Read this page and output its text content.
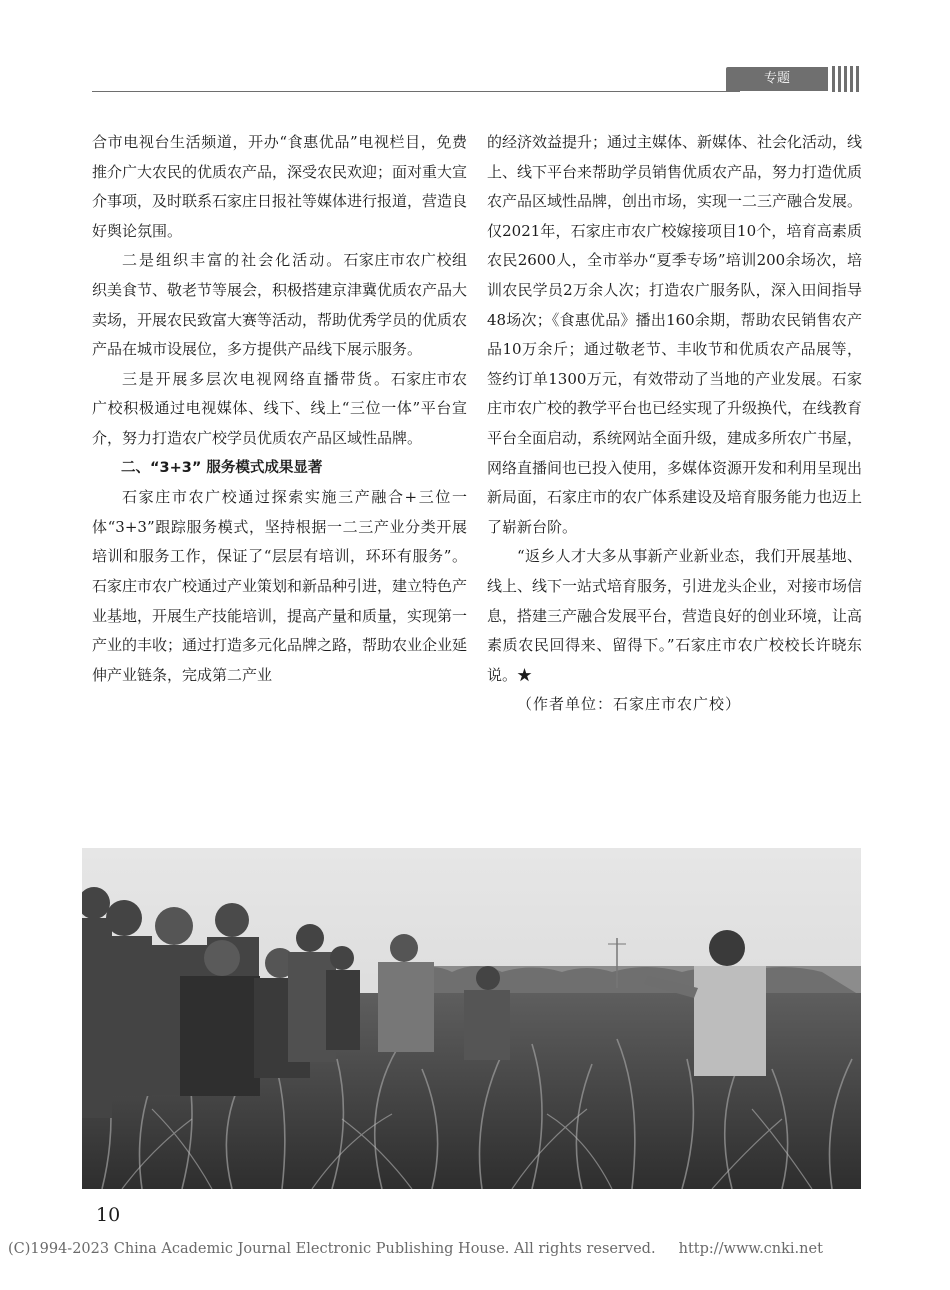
专题

合市电视台生活频道，开办“食惠优品”电视栏目，免费推介广大农民的优质农产品，深受农民欢迎；面对重大宣介事项，及时联系石家庄日报社等媒体进行报道，营造良好舆论氛围。

二是组织丰富的社会化活动。石家庄市农广校组织美食节、敬老节等展会，积极搭建京津冀优质农产品大卖场，开展农民致富大赛等活动，帮助优秀学员的优质农产品在城市设展位，多方提供产品线下展示服务。

三是开展多层次电视网络直播带货。石家庄市农广校积极通过电视媒体、线下、线上“三位一体”平台宣介，努力打造农广校学员优质农产品区域性品牌。

二、“3+3” 服务模式成果显著

石家庄市农广校通过探索实施三产融合+三位一体“3+3”跟踪服务模式，坚持根据一二三产业分类开展培训和服务工作，保证了“层层有培训，环环有服务”。石家庄市农广校通过产业策划和新品种引进，建立特色产业基地，开展生产技能培训，提高产量和质量，实现第一产业的丰收；通过打造多元化品牌之路，帮助农业企业延伸产业链条，完成第二产业

的经济效益提升；通过主媒体、新媒体、社会化活动，线上、线下平台来帮助学员销售优质农产品，努力打造优质农产品区域性品牌，创出市场，实现一二三产融合发展。仅2021年，石家庄市农广校嫁接项目10个，培育高素质农民2600人，全市举办“夏季专场”培训200余场次，培训农民学员2万余人次；打造农广服务队，深入田间指导48场次；《食惠优品》播出160余期，帮助农民销售农产品10万余斤；通过敬老节、丰收节和优质农产品展等，签约订单1300万元，有效带动了当地的产业发展。石家庄市农广校的教学平台也已经实现了升级换代，在线教育平台全面启动，系统网站全面升级，建成多所农广书屋，网络直播间也已投入使用，多媒体资源开发和利用呈现出新局面，石家庄市的农广体系建设及培育服务能力也迈上了崭新台阶。

“返乡人才大多从事新产业新业态，我们开展基地、线上、线下一站式培育服务，引进龙头企业，对接市场信息，搭建三产融合发展平台，营造良好的创业环境，让高素质农民回得来、留得下。”石家庄市农广校校长许晓东说。★

（作者单位：石家庄市农广校）

10
(C)1994-2023 China Academic Journal Electronic Publishing House. All rights reserved. http://www.cnki.net
